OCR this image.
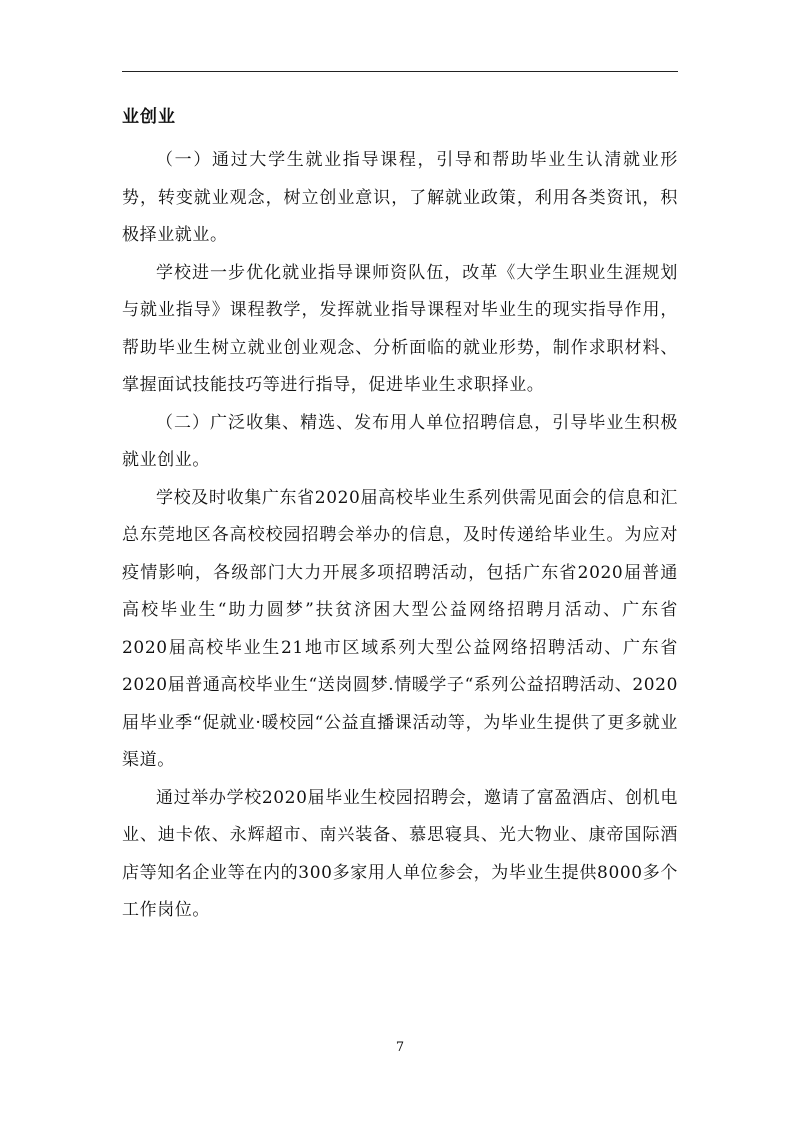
业创业

（一）通过大学生就业指导课程，引导和帮助毕业生认清就业形势，转变就业观念，树立创业意识，了解就业政策，利用各类资讯，积极择业就业。

学校进一步优化就业指导课师资队伍，改革《大学生职业生涯规划与就业指导》课程教学，发挥就业指导课程对毕业生的现实指导作用，帮助毕业生树立就业创业观念、分析面临的就业形势，制作求职材料、掌握面试技能技巧等进行指导，促进毕业生求职择业。

（二）广泛收集、精选、发布用人单位招聘信息，引导毕业生积极就业创业。

学校及时收集广东省2020届高校毕业生系列供需见面会的信息和汇总东莞地区各高校校园招聘会举办的信息，及时传递给毕业生。为应对疫情影响，各级部门大力开展多项招聘活动，包括广东省2020届普通高校毕业生“助力圆梦”扶贫济困大型公益网络招聘月活动、广东省2020届高校毕业生21地市区域系列大型公益网络招聘活动、广东省2020届普通高校毕业生“送岗圆梦.情暖学子“系列公益招聘活动、2020届毕业季“促就业·暖校园“公益直播课活动等，为毕业生提供了更多就业渠道。

通过举办学校2020届毕业生校园招聘会，邀请了富盈酒店、创机电业、迪卡侬、永辉超市、南兴装备、慕思寝具、光大物业、康帝国际酒店等知名企业等在内的300多家用人单位参会，为毕业生提供8000多个工作岗位。

7
